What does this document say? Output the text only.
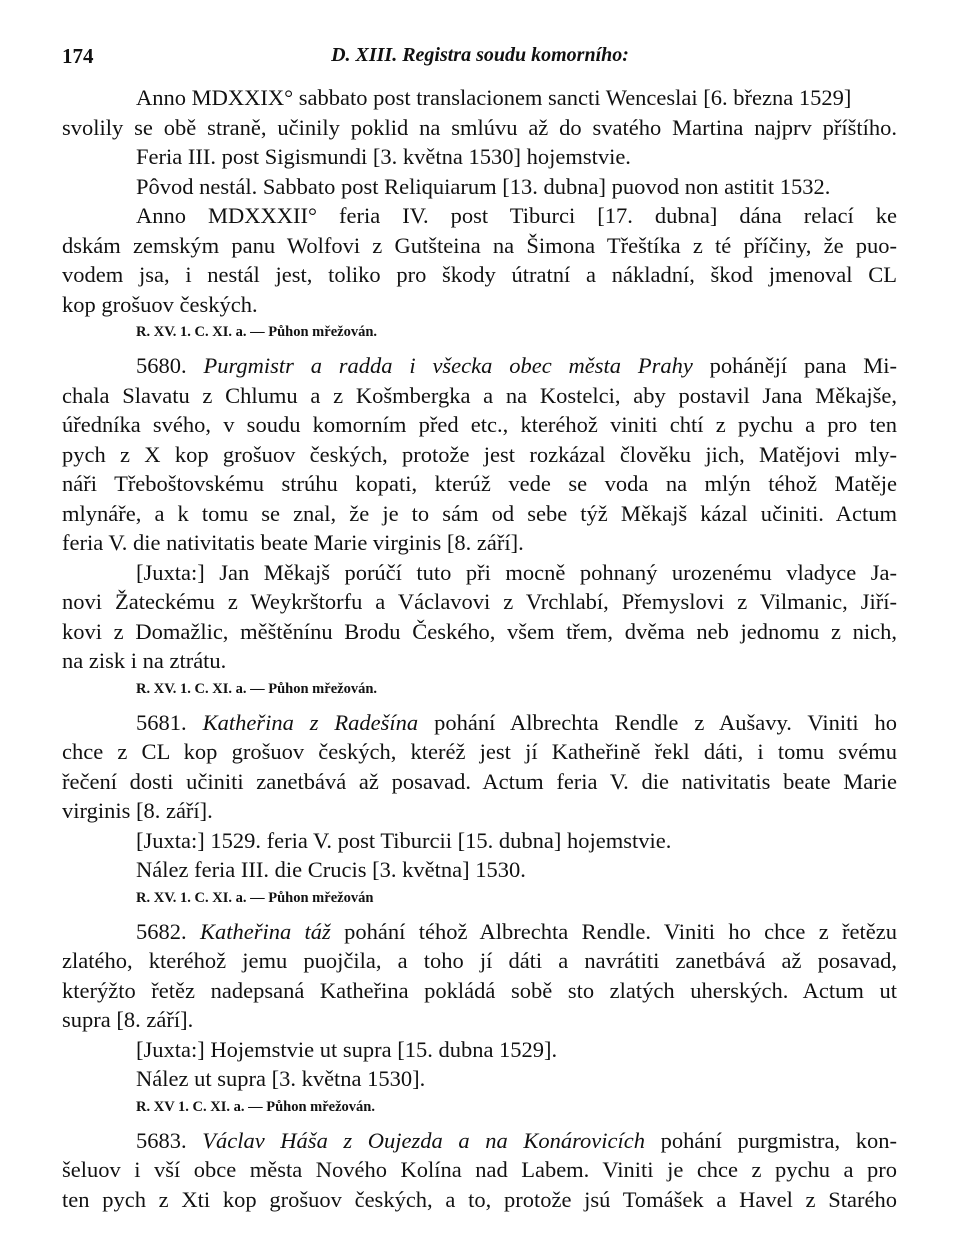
174	D. XIII. Registra soudu komorního:
Anno MDXXIX° sabbato post translacionem sancti Wenceslai [6. března 1529]
svolily se obě straně, učinily poklid na smlúvu až do svatého Martina najprv příštího.
Feria III. post Sigismundi [3. května 1530] hojemstvie.
Pôvod nestál. Sabbato post Reliquiarum [13. dubna] puovod non astitit 1532.
Anno MDXXXII° feria IV. post Tiburci [17. dubna] dána relací ke
dskám zemským panu Wolfovi z Gutšteina na Šimona Třeštíka z té příčiny, že puo-
vodem jsa, i nestál jest, toliko pro škody útratní a nákladní, škod jmenoval CL
kop grošuov českých.
R. XV. 1. C. XI. a. — Půhon mřežován.
5680. Purgmistr a radda i všecka obec města Prahy pohánějí pana Mi-
chala Slavatu z Chlumu a z Košmbergka a na Kostelci, aby postavil Jana Měkajše,
úředníka svého, v soudu komorním před etc., kteréhož viniti chtí z pychu a pro ten
pych z X kop grošuov českých, protože jest rozkázal člověku jich, Matějovi mly-
náři Třeboštovskému strúhu kopati, kterúž vede se voda na mlýn téhož Matěje
mlynáře, a k tomu se znal, že je to sám od sebe týž Měkajš kázal učiniti. Actum
feria V. die nativitatis beate Marie virginis [8. září].
[Juxta:] Jan Měkajš porúčí tuto při mocně pohnaný urozenému vladyce Ja-
novi Žateckému z Weykrštorfu a Václavovi z Vrchlabí, Přemyslovi z Vilmanic, Jiří-
kovi z Domažlic, měštěnínu Brodu Českého, všem třem, dvěma neb jednomu z nich,
na zisk i na ztrátu.
R. XV. 1. C. XI. a. — Půhon mřežován.
5681. Katheřina z Radešína pohání Albrechta Rendle z Aušavy. Viniti ho
chce z CL kop grošuov českých, kteréž jest jí Katheřině řekl dáti, i tomu svému
řečení dosti učiniti zanetbává až posavad. Actum feria V. die nativitatis beate Marie
virginis [8. září].
[Juxta:] 1529. feria V. post Tiburcii [15. dubna] hojemstvie.
Nález feria III. die Crucis [3. května] 1530.
R. XV. 1. C. XI. a. — Půhon mřežován
5682. Katheřina táž pohání téhož Albrechta Rendle. Viniti ho chce z řetězu
zlatého, kteréhož jemu puojčila, a toho jí dáti a navrátiti zanetbává až posavad,
kterýžto řetěz nadepsaná Katheřina pokládá sobě sto zlatých uherských. Actum ut
supra [8. září].
[Juxta:] Hojemstvie ut supra [15. dubna 1529].
Nález ut supra [3. května 1530].
R. XV 1. C. XI. a. — Půhon mřežován.
5683. Václav Háša z Oujezda a na Konárovicích pohání purgmistra, kon-
šeluov i vší obce města Nového Kolína nad Labem. Viniti je chce z pychu a pro
ten pych z Xti kop grošuov českých, a to, protože jsú Tomášek a Havel z Starého
